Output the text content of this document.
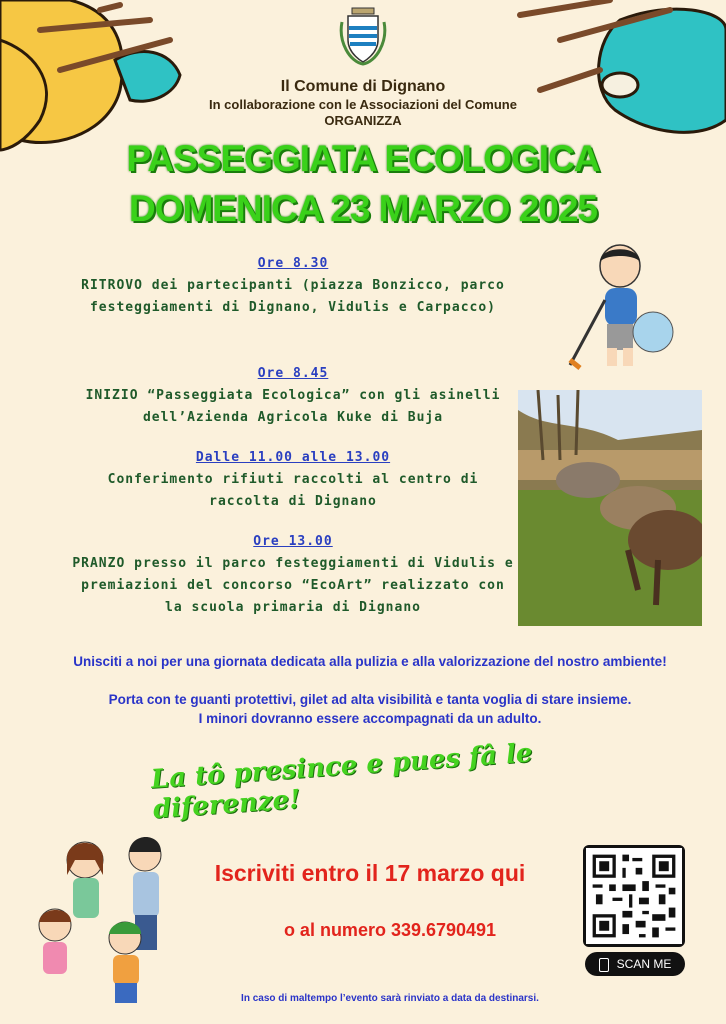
Il Comune di Dignano
In collaborazione con le Associazioni del Comune
ORGANIZZA
PASSEGGIATA ECOLOGICA
DOMENICA 23 MARZO 2025
Ore 8.30
RITROVO dei partecipanti (piazza Bonzicco, parco festeggiamenti di Dignano, Vidulis e Carpacco)
Ore 8.45
INIZIO “Passeggiata Ecologica” con gli asinelli dell’Azienda Agricola Kuke di Buja
Dalle 11.00 alle 13.00
Conferimento rifiuti raccolti al centro di raccolta di Dignano
Ore 13.00
PRANZO presso il parco festeggiamenti di Vidulis e premiazioni del concorso “EcoArt” realizzato con la scuola primaria di Dignano
Unisciti a noi per una giornata dedicata alla pulizia e alla valorizzazione del nostro ambiente!
Porta con te guanti protettivi, gilet ad alta visibilità e tanta voglia di stare insieme.
I minori dovranno essere accompagnati da un adulto.
La tô presince e pues fâ le diferenze!
Iscriviti entro il 17 marzo qui
o al numero 339.6790491
SCAN ME
In caso di maltempo l’evento sarà rinviato a data da destinarsi.
